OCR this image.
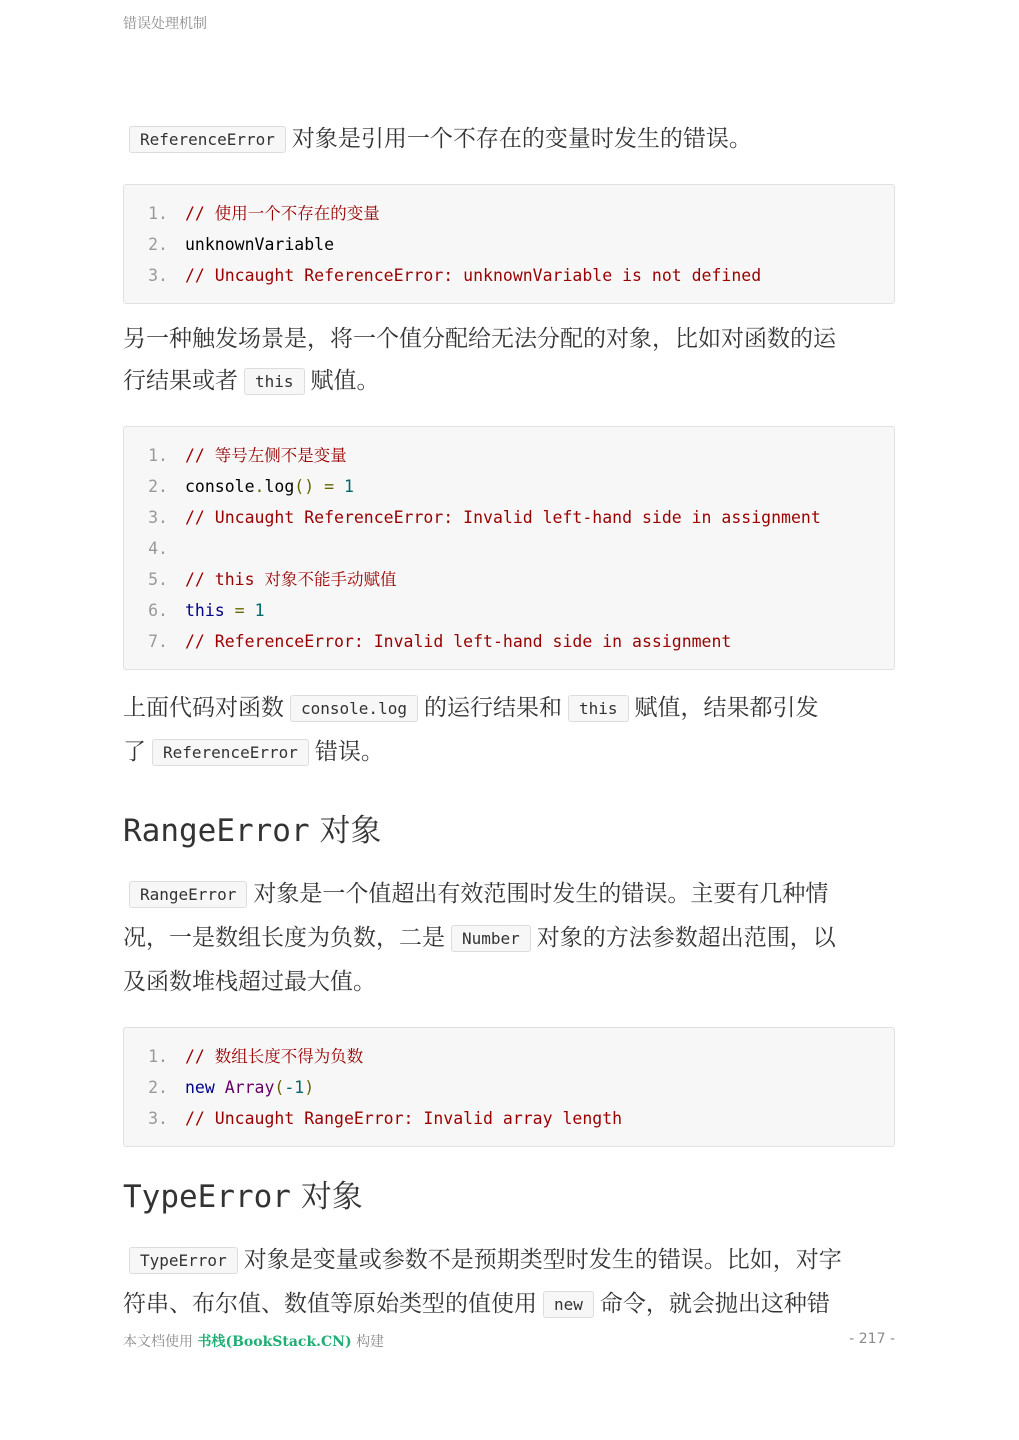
错误处理机制

ReferenceError 对象是引用一个不存在的变量时发生的错误。

1.	// 使用一个不存在的变量
2.	unknownVariable
3.	// Uncaught ReferenceError: unknownVariable is not defined

另一种触发场景是，将一个值分配给无法分配的对象，比如对函数的运
行结果或者 this 赋值。

1.	// 等号左侧不是变量
2.	console.log() = 1
3.	// Uncaught ReferenceError: Invalid left-hand side in assignment
4.
5.	// this 对象不能手动赋值
6.	this = 1
7.	// ReferenceError: Invalid left-hand side in assignment

上面代码对函数 console.log 的运行结果和 this 赋值，结果都引发
了 ReferenceError 错误。

RangeError 对象

RangeError 对象是一个值超出有效范围时发生的错误。主要有几种情
况，一是数组长度为负数，二是 Number 对象的方法参数超出范围，以
及函数堆栈超过最大值。

1.	// 数组长度不得为负数
2.	new Array(-1)
3.	// Uncaught RangeError: Invalid array length
TypeError 对象

TypeError 对象是变量或参数不是预期类型时发生的错误。比如，对字
符串、布尔值、数值等原始类型的值使用 new 命令，就会抛出这种错

本文档使用 书栈(BookStack.CN) 构建	- 217 -
